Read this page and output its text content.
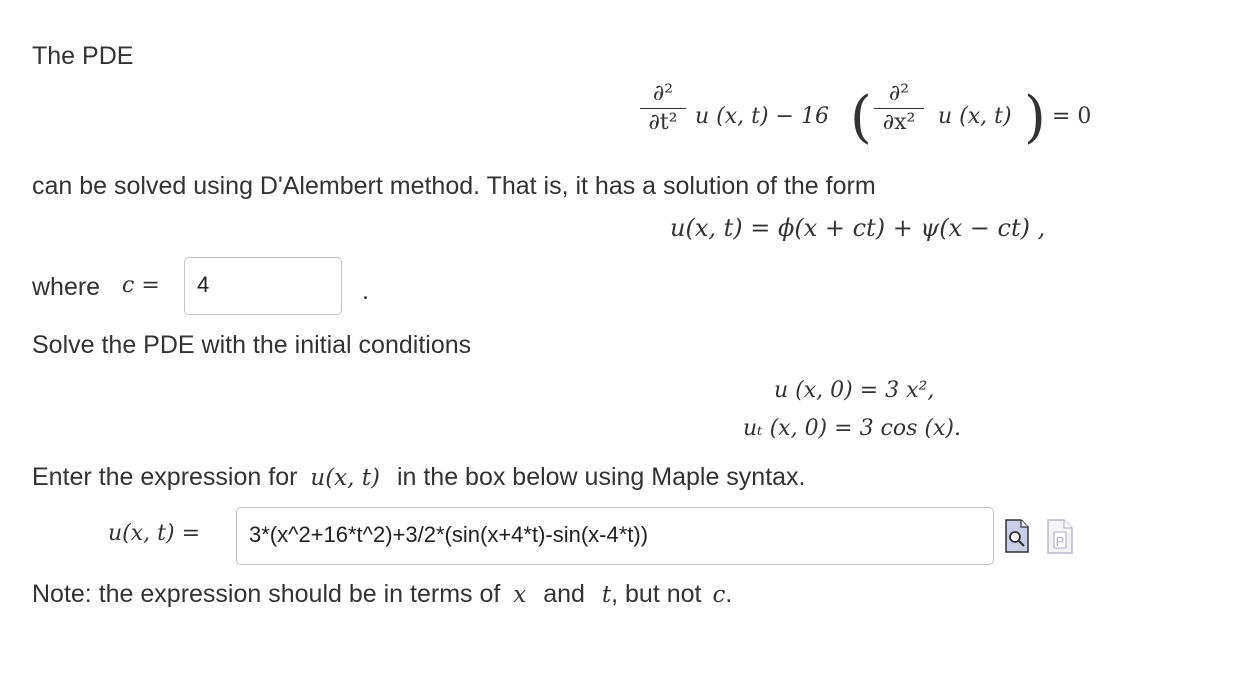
The PDE
∂²
∂t² u (x, t) − 16 ( ∂²
∂x²	u (x, t) ) = 0
can be solved using D'Alembert method. That is, it has a solution of the form
u(x, t) = ϕ(x + ct) + ψ(x − ct) ,
where c =	4	.
Solve the PDE with the initial conditions
u (x, 0) = 3 x²,
uₜ (x, 0) = 3 cos (x).
Enter the expression for u(x, t) in the box below using Maple syntax.
u(x, t) =	3*(x^2+16*t^2)+3/2*(sin(x+4*t)-sin(x-4*t))	P
Note: the expression should be in terms of x and t, but not c.
